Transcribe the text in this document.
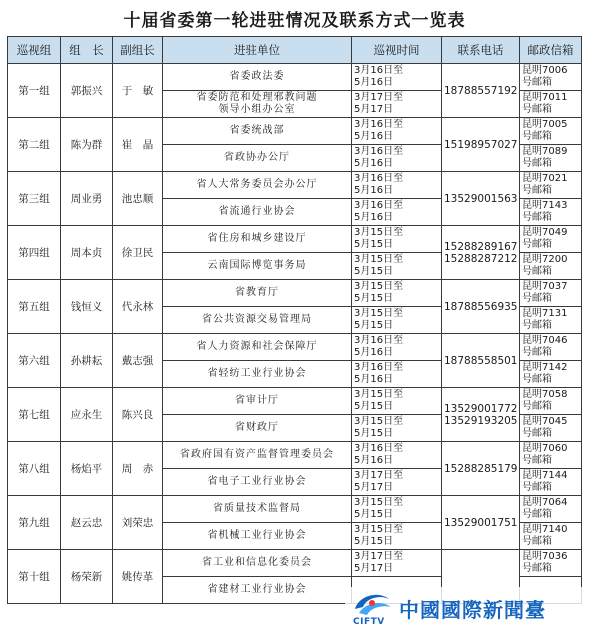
十届省委第一轮进驻情况及联系方式一览表
巡视组	组　长	副组长	进驻单位	巡视时间	联系电话	邮政信箱
第一组	郭振兴	于　敏	省委政法委	3月16日至
5月16日	18788557192	昆明7006
号邮箱

			省委防范和处理邪教问题
领导小组办公室	3月17日至
5月17日		昆明7011
号邮箱

第二组	陈为群	崔　晶	省委统战部	3月16日至
5月16日	15198957027	昆明7005
号邮箱

			省政协办公厅	3月16日至
5月16日		昆明7089
号邮箱

第三组	周业勇	池忠顺	省人大常务委员会办公厅	3月16日至
5月16日	13529001563	昆明7021
号邮箱

			省流通行业协会	3月16日至
5月16日		昆明7143
号邮箱

第四组	周本贞	徐卫民	省住房和城乡建设厅	3月15日至
5月15日	15288289167
15288287212	昆明7049
号邮箱

			云南国际博览事务局	3月15日至
5月15日		昆明7200
号邮箱

第五组	钱恒义	代永林	省教育厅	3月15日至
5月15日	18788556935	昆明7037
号邮箱

			省公共资源交易管理局	3月15日至
5月15日		昆明7131
号邮箱

第六组	孙耕耘	戴志强	省人力资源和社会保障厅	3月16日至
5月16日	18788558501	昆明7046
号邮箱

			省轻纺工业行业协会	3月16日至
5月16日		昆明7142
号邮箱

第七组	应永生	陈兴良	省审计厅	3月15日至
5月15日	13529001772
13529193205	昆明7058
号邮箱

			省财政厅	3月15日至
5月15日		昆明7045
号邮箱

第八组	杨焰平	周　赤	省政府国有资产监督管理委员会	3月16日至
5月16日	15288285179	昆明7060
号邮箱

			省电子工业行业协会	3月17日至
5月17日		昆明7144
号邮箱

第九组	赵云忠	刘荣忠	省质量技术监督局	3月15日至
5月15日	13529001751	昆明7064
号邮箱

			省机械工业行业协会	3月15日至
5月15日		昆明7140
号邮箱

第十组	杨荣新	姚传革	省工业和信息化委员会	3月17日至
5月17日		昆明7036
号邮箱

			省建材工业行业协会			

CIFTV 中國國際新聞臺
